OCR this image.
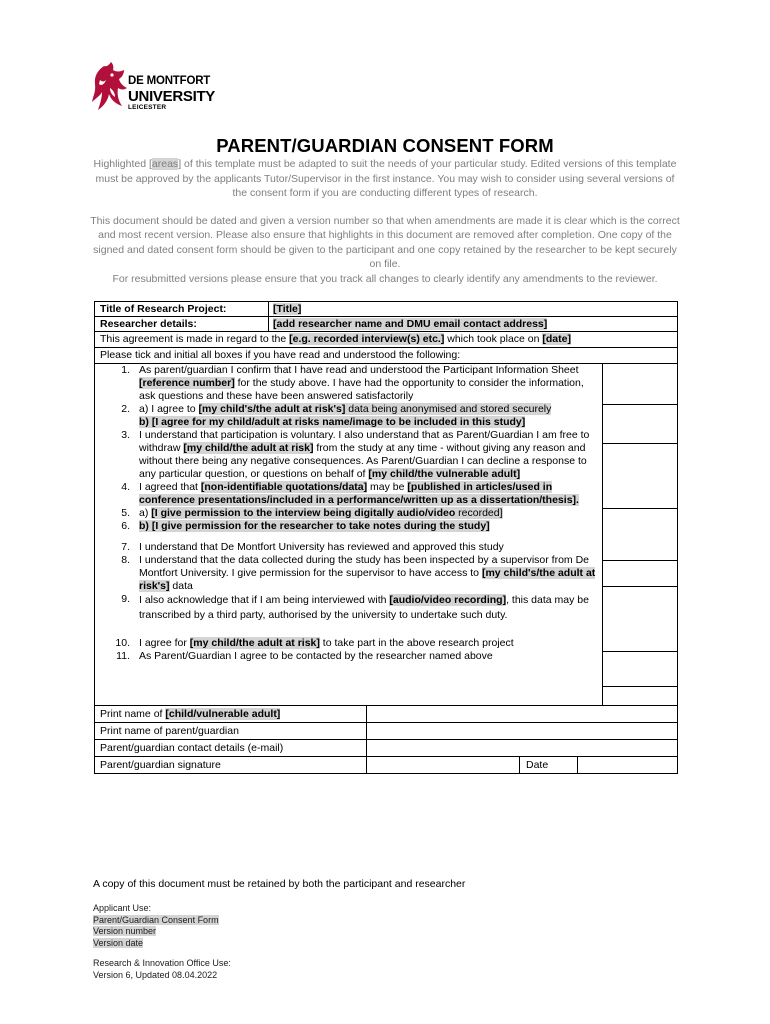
DE MONTFORT
UNIVERSITY
LEICESTER
PARENT/GUARDIAN CONSENT FORM

Highlighted [areas] of this template must be adapted to suit the needs of your particular study. Edited versions of this template must be approved by the applicants Tutor/Supervisor in the first instance. You may wish to consider using several versions of the consent form if you are conducting different types of research.

This document should be dated and given a version number so that when amendments are made it is clear which is the correct and most recent version. Please also ensure that highlights in this document are removed after completion. One copy of the signed and dated consent form should be given to the participant and one copy retained by the researcher to be kept securely on file.

For resubmitted versions please ensure that you track all changes to clearly identify any amendments to the reviewer.

Title of Research Project:	[Title]
Researcher details:	[add researcher name and DMU email contact address]
This agreement is made in regard to the [e.g. recorded interview(s) etc.] which took place on [date]
Please tick and initial all boxes if you have read and understood the following:
1. As parent/guardian I confirm that I have read and understood the Participant Information Sheet [reference number] for the study above. I have had the opportunity to consider the information, ask questions and these have been answered satisfactorily
2. a) I agree to [my child's/the adult at risk's] data being anonymised and stored securely
b) [I agree for my child/adult at risks name/image to be included in this study]
3. I understand that participation is voluntary. I also understand that as Parent/Guardian I am free to withdraw [my child/the adult at risk] from the study at any time - without giving any reason and without there being any negative consequences. As Parent/Guardian I can decline a response to any particular question, or questions on behalf of [my child/the vulnerable adult]
4. I agreed that [non-identifiable quotations/data] may be [published in articles/used in conference presentations/included in a performance/written up as a dissertation/thesis].
5. a) [I give permission to the interview being digitally audio/video recorded]
6. b) [I give permission for the researcher to take notes during the study]
7. I understand that De Montfort University has reviewed and approved this study
8. I understand that the data collected during the study has been inspected by a supervisor from De Montfort University. I give permission for the supervisor to have access to [my child's/the adult at risk's] data
9. I also acknowledge that if I am being interviewed with [audio/video recording], this data may be transcribed by a third party, authorised by the university to undertake such duty.
10. I agree for [my child/the adult at risk] to take part in the above research project
11. As Parent/Guardian I agree to be contacted by the researcher named above
Print name of [child/vulnerable adult]
Print name of parent/guardian
Parent/guardian contact details (e-mail)
Parent/guardian signature	Date
A copy of this document must be retained by both the participant and researcher
Applicant Use:
Parent/Guardian Consent Form
Version number
Version date
Research & Innovation Office Use:
Version 6, Updated 08.04.2022
